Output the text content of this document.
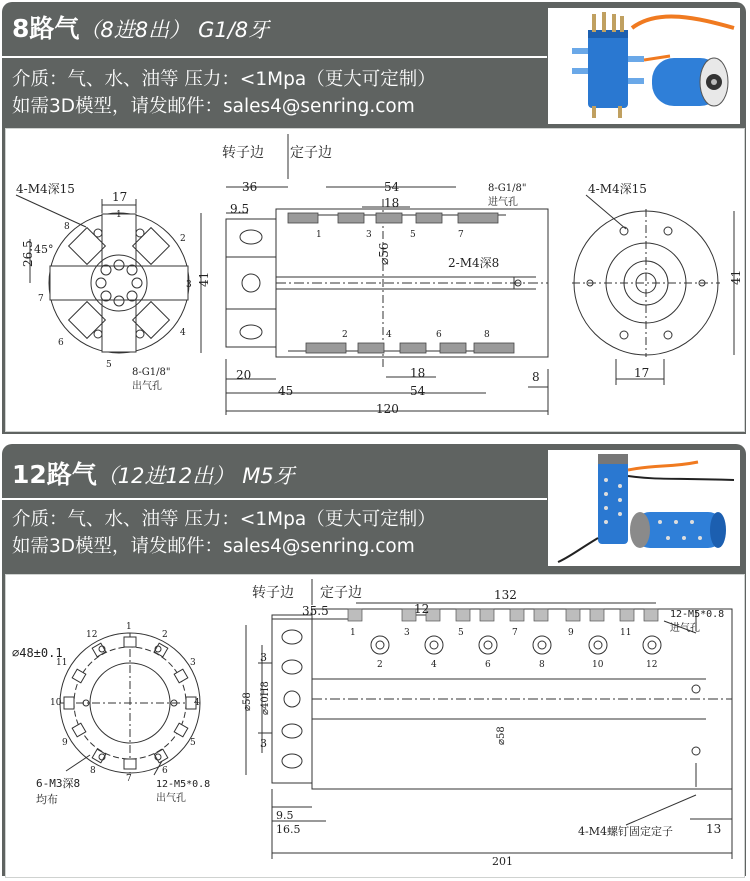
8路气（8进8出） G1/8牙
介质：气、水、油等 压力：<1Mpa（更大可定制）
如需3D模型，请发邮件：sales4@senring.com
转子边 定子边
4-M4深15
17
26.5 45°
41
8-G1/8"
出气孔
8-G1/8"
进气孔
36	54
18
9.5
⌀56	2-M4深8
20
45
18
54
8
120
4-M4深15
41
17
1	3	5	7
2	4	6	8
1
2
3
4
5
6
7
8
12路气（12进12出） M5牙
介质：气、水、油等 压力：<1Mpa（更大可定制）
如需3D模型，请发邮件：sales4@senring.com
转子边 定子边
⌀48±0.1
6-M3深8
均布
12-M5*0.8
出气孔
12-M5*0.8
进气孔
35.5
132
12
⌀58 ⌀40H8
3
3
9.5
16.5
⌀58
4-M4螺钉固定定子	13
201
1	3	5	7	9	11
2	4	6	8	10	12
1
2
3
4
5
6
7
8
9
10
11
12
